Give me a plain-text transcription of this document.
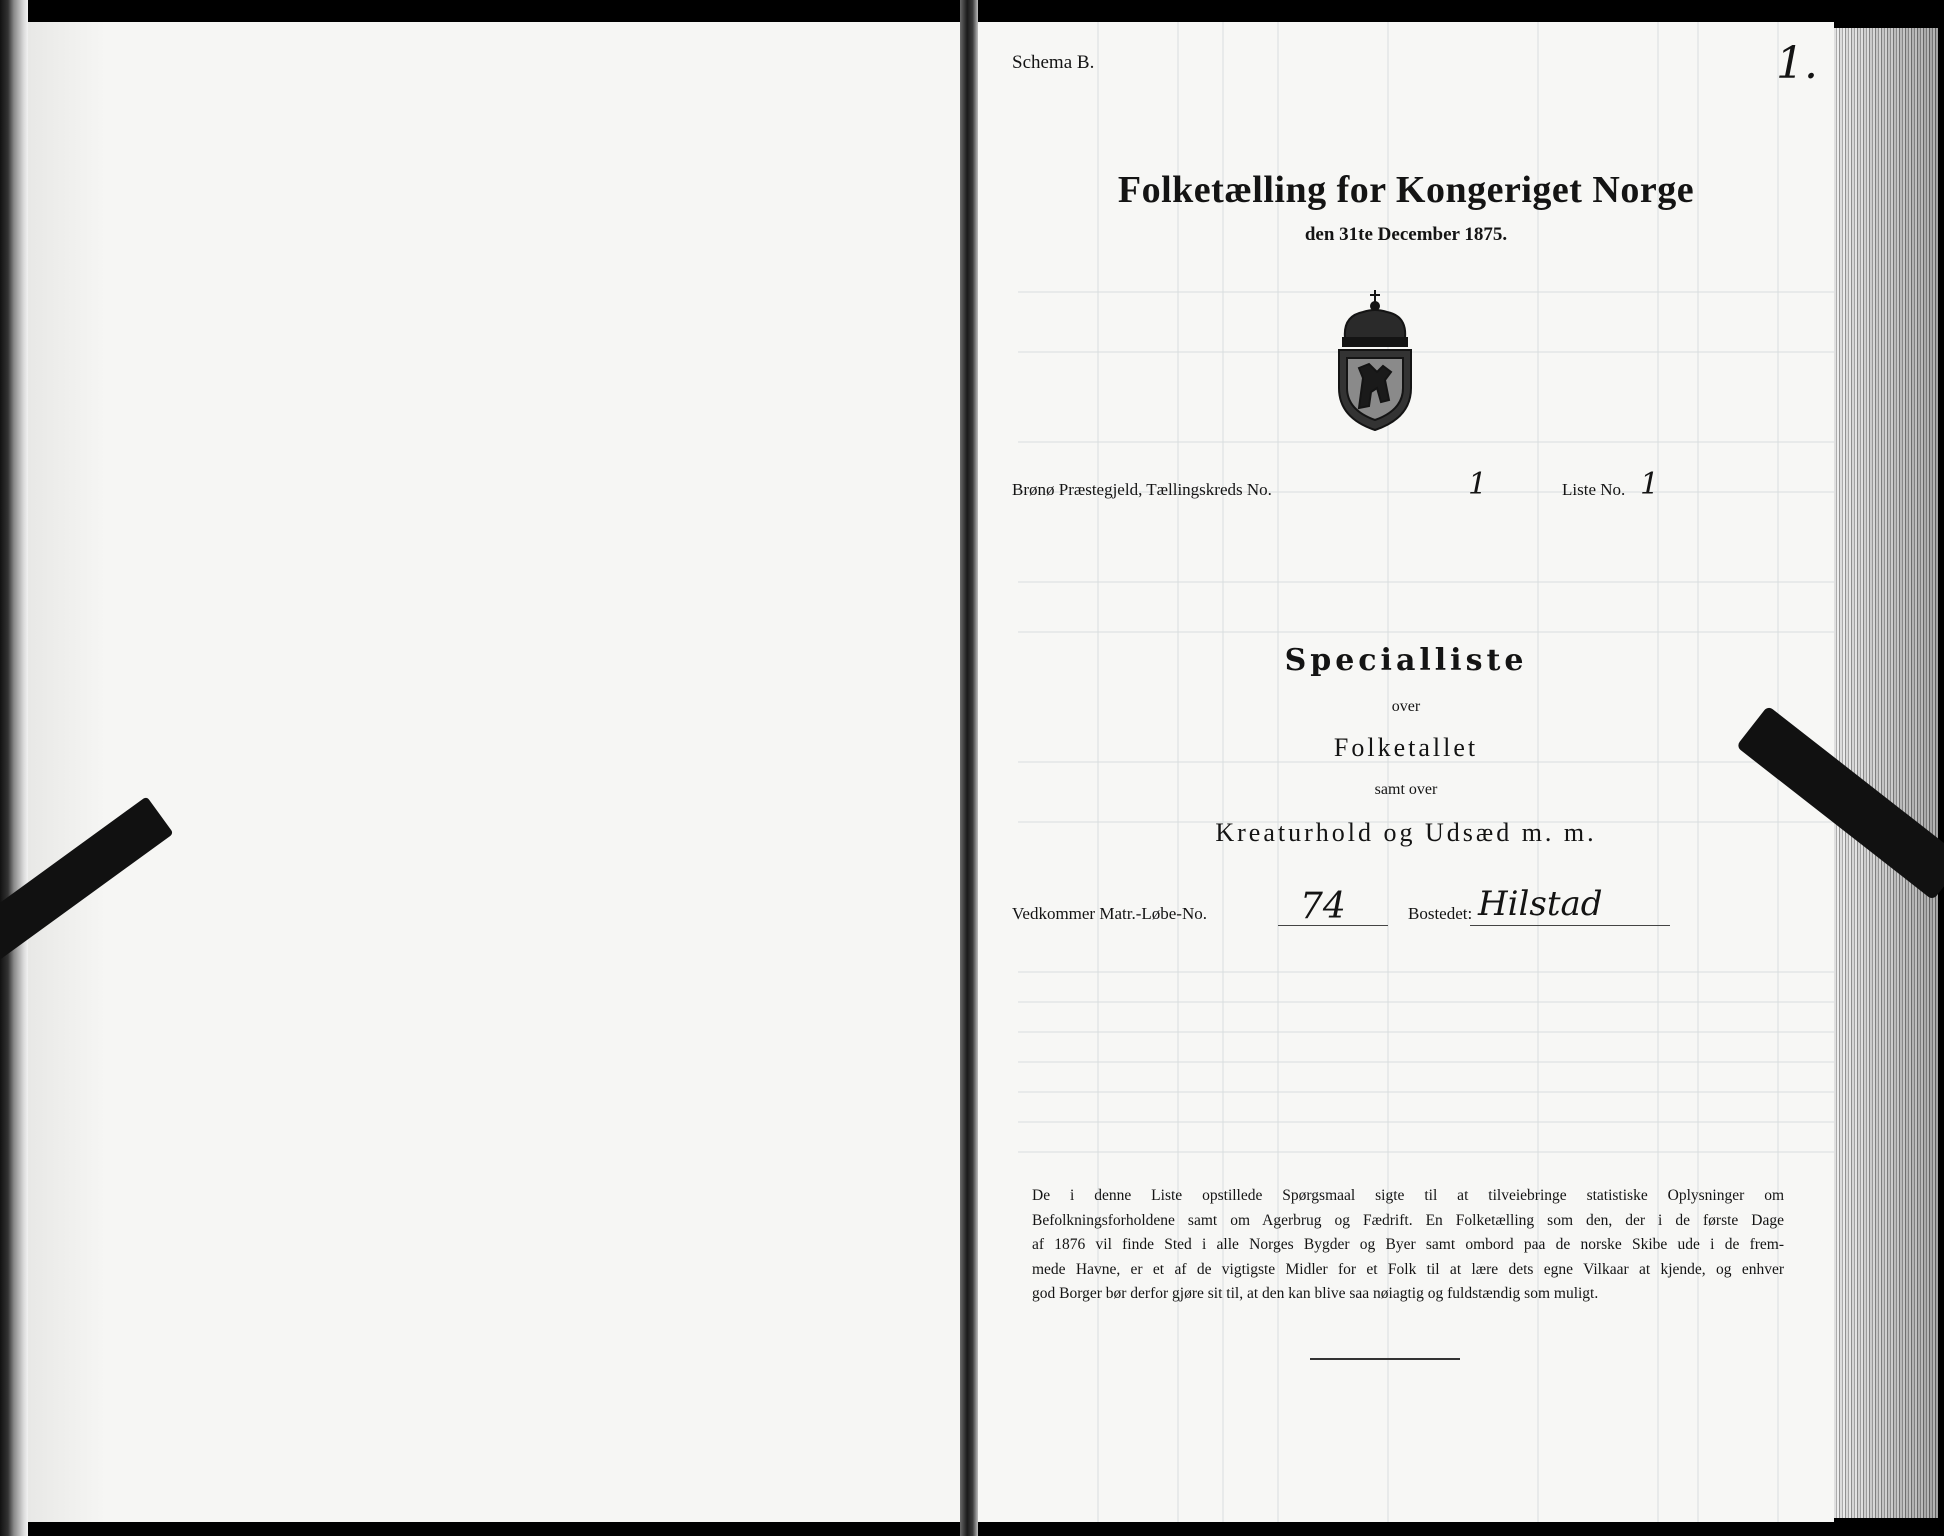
Schema B.	1.
Folketælling for Kongeriget Norge
den 31te December 1875.
Brønø Præstegjeld, Tællingskreds No.	1	Liste No. 1
Specialliste
over
Folketallet
samt over
Kreaturhold og Udsæd m. m.
Vedkommer Matr.-Løbe-No.	74	Bostedet: Hilstad
De i denne Liste opstillede Spørgsmaal sigte til at tilveiebringe statistiske Oplysninger om
Befolkningsforholdene samt om Agerbrug og Fædrift. En Folketælling som den, der i de første Dage
af 1876 vil finde Sted i alle Norges Bygder og Byer samt ombord paa de norske Skibe ude i de frem-
mede Havne, er et af de vigtigste Midler for et Folk til at lære dets egne Vilkaar at kjende, og enhver
god Borger bør derfor gjøre sit til, at den kan blive saa nøiagtig og fuldstændig som muligt.
